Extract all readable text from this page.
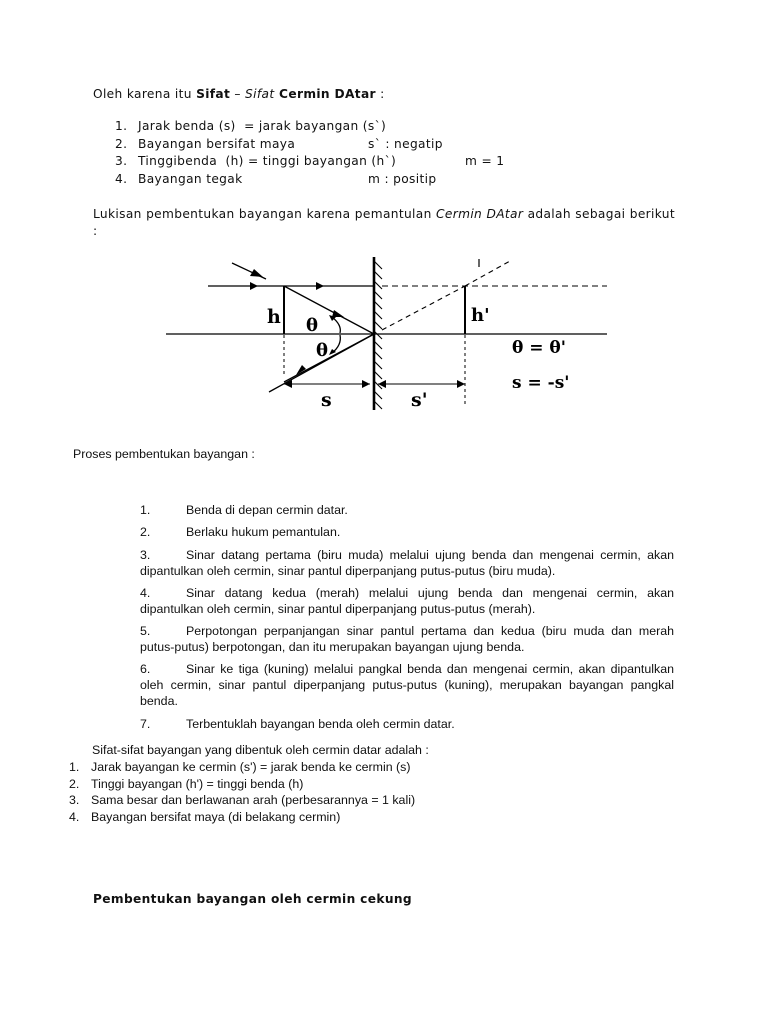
Oleh karena itu Sifat – Sifat Cermin DAtar :
1. Jarak benda (s)  = jarak bayangan (s`)
2. Bayangan bersifat maya	s` : negatip
3. Tinggibenda  (h) = tinggi bayangan (h`)	m = 1
4. Bayangan tegak	m : positip
Lukisan pembentukan bayangan karena pemantulan Cermin DAtar adalah sebagai berikut :
h	h'
θ
θ
s	s'
θ = θ'
s = -s'
Proses pembentukan bayangan :
1.	Benda di depan cermin datar.
2.	Berlaku hukum pemantulan.
3.	Sinar datang pertama (biru muda) melalui ujung benda dan mengenai cermin, akan dipantulkan oleh cermin, sinar pantul diperpanjang putus-putus (biru muda).
4.	Sinar datang kedua (merah) melalui ujung benda dan mengenai cermin, akan dipantulkan oleh cermin, sinar pantul diperpanjang putus-putus (merah).
5.	Perpotongan perpanjangan sinar pantul pertama dan kedua (biru muda dan merah putus-putus) berpotongan, dan itu merupakan bayangan ujung benda.
6.	Sinar ke tiga (kuning) melalui pangkal benda dan mengenai cermin, akan dipantulkan oleh cermin, sinar pantul diperpanjang putus-putus (kuning), merupakan bayangan pangkal benda.
7.	Terbentuklah bayangan benda oleh cermin datar.
Sifat-sifat bayangan yang dibentuk oleh cermin datar adalah :
1. Jarak bayangan ke cermin (s') = jarak benda ke cermin (s)
2. Tinggi bayangan (h') = tinggi benda (h)
3. Sama besar dan berlawanan arah (perbesarannya = 1 kali)
4. Bayangan bersifat maya (di belakang cermin)
Pembentukan bayangan oleh cermin cekung
